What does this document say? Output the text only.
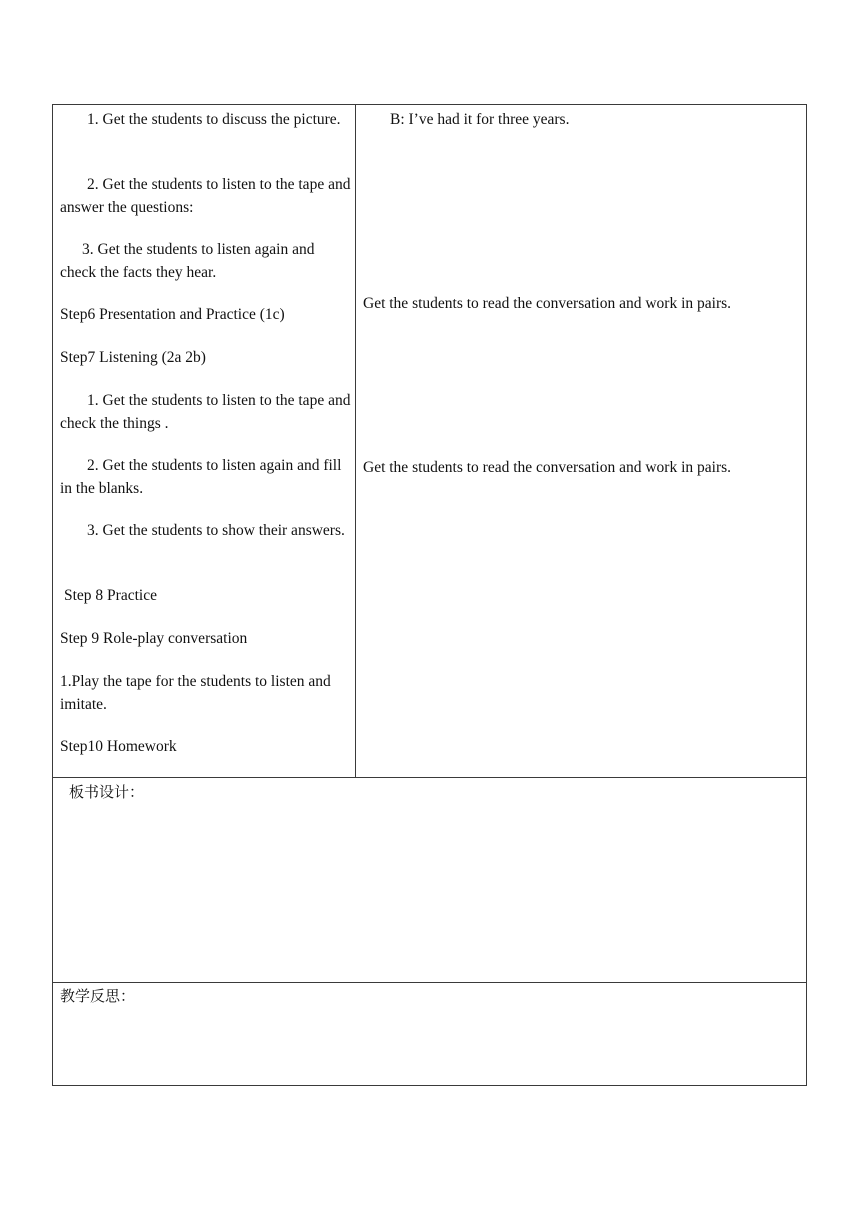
1. Get the students to discuss the picture.

2. Get the students to listen to the tape and answer the questions:

3. Get the students to listen again and check the facts they hear.

Step6 Presentation and Practice (1c)

Step7 Listening (2a 2b)

1. Get the students to listen to the tape and check the things .

2. Get the students to listen again and fill in the blanks.

3. Get the students to show their answers.

Step 8 Practice

Step 9 Role-play conversation

1.Play the tape for the students to listen and imitate.

Step10 Homework

B: I’ve had it for three years.

Get the students to read the conversation and work in pairs.

Get the students to read the conversation and work in pairs.

板书设计：

教学反思：
